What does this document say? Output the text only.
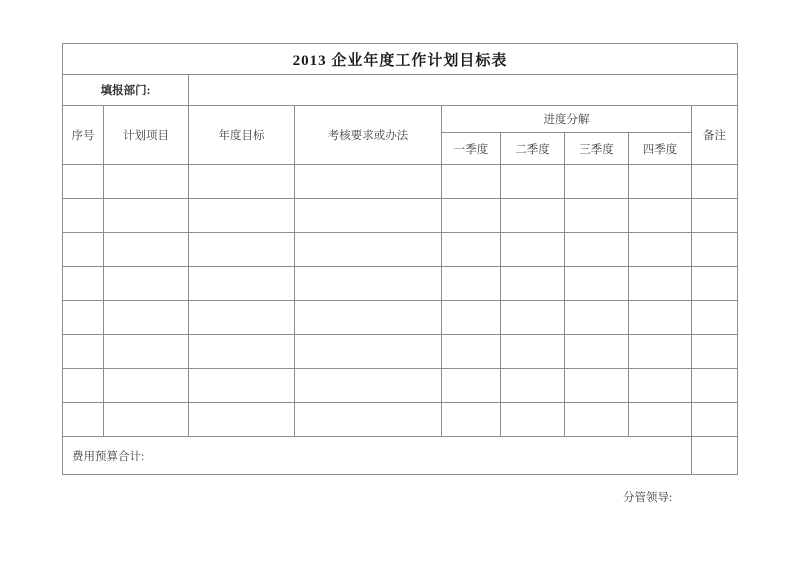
2013 企业年度工作计划目标表								
填报部门:								
序号	计划项目	年度目标	考核要求或办法	进度分解				备注
				一季度	二季度	三季度	四季度	

费用预算合计:								
分管领导:
